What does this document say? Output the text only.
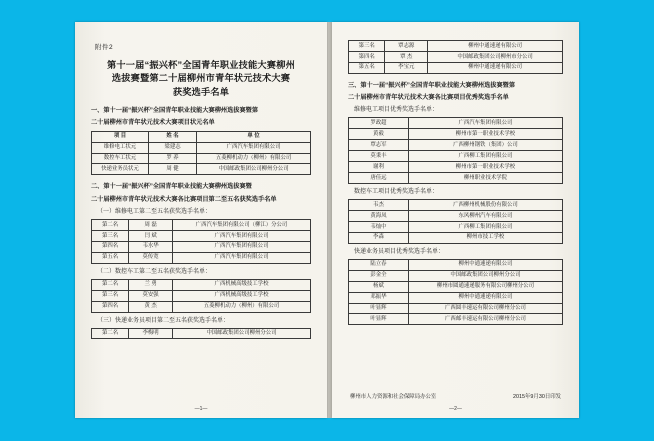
附件2
第十一届“振兴杯”全国青年职业技能大赛柳州
选拔赛暨第二十届柳州市青年状元技术大赛
获奖选手名单
一、第十一届“振兴杯”全国青年职业技能大赛柳州选拔赛暨第
二十届柳州市青年状元技术大赛项目状元名单
项 目	姓 名	单 位
维修电工状元	梁建志	广西汽车集团有限公司
数控车工状元	罗 养	五菱柳机动力（柳州）有限公司
快递业务员状元	周 健	中国邮政集团公司柳州分公司
二、第十一届“振兴杯”全国青年职业技能大赛柳州选拔赛暨
二十届柳州市青年状元技术大赛各比赛项目第二至五名获奖选手名单
（一）维修电工第二至五名获奖选手名单：
第二名	周 磊	广西汽车集团有限公司（柳江）分公司
第三名	闫 斌	广西汽车集团有限公司
第四名	韦水华	广西汽车集团有限公司
第五名	莫传宽	广西汽车集团有限公司
（二）数控车工第二至五名获奖选手名单：
第二名	兰 勇	广西机械高级技工学校
第三名	莫安强	广西机械高级技工学校
第四名	黄 杰	五菱柳机动力（柳州）有限公司
（三）快递业务员项目第二至五名获奖选手名单：
第二名	李梅明	中国邮政集团公司柳州分公司
—1—
第三名	覃志源	柳州中通速递有限公司
第四名	覃 杰	中国邮政集团公司柳州市分公司
第五名	李宝元	柳州中通速递有限公司
三、第十一届“振兴杯”全国青年职业技能大赛柳州选拔赛暨第
二十届柳州市青年状元技术大赛各比赛项目优秀奖选手名单
维修电工项目优秀奖选手名单：
罗政超	广西汽车集团有限公司
黄毅	柳州市第一职业技术学校
覃志军	广西柳州钢铁（集团）公司
莫秉丰	广西柳工集团有限公司
谢利	柳州市第一职业技术学校
唐佳远	柳州职业技术学院
数控车工项目优秀奖选手名单：
韦杰	广西柳州机械股份有限公司
黄海凤	东风柳州汽车有限公司
韦灿中	广西柳工集团有限公司
李森	柳州市技工学校
快递业务员项目优秀奖选手名单：
陆立春	柳州中通速递有限公司
彭金全	中国邮政集团公司柳州分公司
杨斌	柳州市圆通速递服务有限公司柳州分公司
邓振华	柳州中通速递有限公司
叶显辉	广西圆丰速运有限公司柳州分公司
叶显辉	广西邮丰速运有限公司柳州分公司
柳州市人力资源和社会保障局办公室	2015年9月30日印发
—2—
